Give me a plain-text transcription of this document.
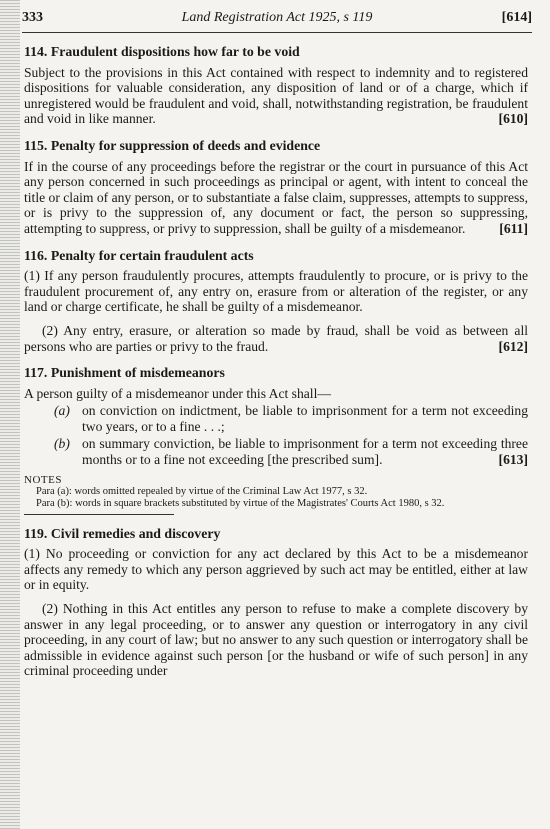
333	Land Registration Act 1925, s 119	[614]
114. Fraudulent dispositions how far to be void

Subject to the provisions in this Act contained with respect to indemnity and to registered dispositions for valuable consideration, any disposition of land or of a charge, which if unregistered would be fraudulent and void, shall, notwithstanding registration, be fraudulent and void in like manner.	[610]

115. Penalty for suppression of deeds and evidence

If in the course of any proceedings before the registrar or the court in pursuance of this Act any person concerned in such proceedings as principal or agent, with intent to conceal the title or claim of any person, or to substantiate a false claim, suppresses, attempts to suppress, or is privy to the suppression of, any document or fact, the person so suppressing, attempting to suppress, or privy to suppression, shall be guilty of a misdemeanor. [611]

116. Penalty for certain fraudulent acts

(1) If any person fraudulently procures, attempts fraudulently to procure, or is privy to the fraudulent procurement of, any entry on, erasure from or alteration of the register, or any land or charge certificate, he shall be guilty of a misdemeanor.

(2) Any entry, erasure, or alteration so made by fraud, shall be void as between all persons who are parties or privy to the fraud.	[612]

117. Punishment of misdemeanors

A person guilty of a misdemeanor under this Act shall—

(a) on conviction on indictment, be liable to imprisonment for a term not exceeding two years, or to a fine . . .;
(b) on summary conviction, be liable to imprisonment for a term not exceeding three months or to a fine not exceeding [the prescribed sum].	[613]
NOTES
Para (a): words omitted repealed by virtue of the Criminal Law Act 1977, s 32.
Para (b): words in square brackets substituted by virtue of the Magistrates' Courts Act 1980, s 32.
119. Civil remedies and discovery

(1) No proceeding or conviction for any act declared by this Act to be a misdemeanor affects any remedy to which any person aggrieved by such act may be entitled, either at law or in equity.

(2) Nothing in this Act entitles any person to refuse to make a complete discovery by answer in any legal proceeding, or to answer any question or interrogatory in any civil proceeding, in any court of law; but no answer to any such question or interrogatory shall be admissible in evidence against such person [or the husband or wife of such person] in any criminal proceeding under
